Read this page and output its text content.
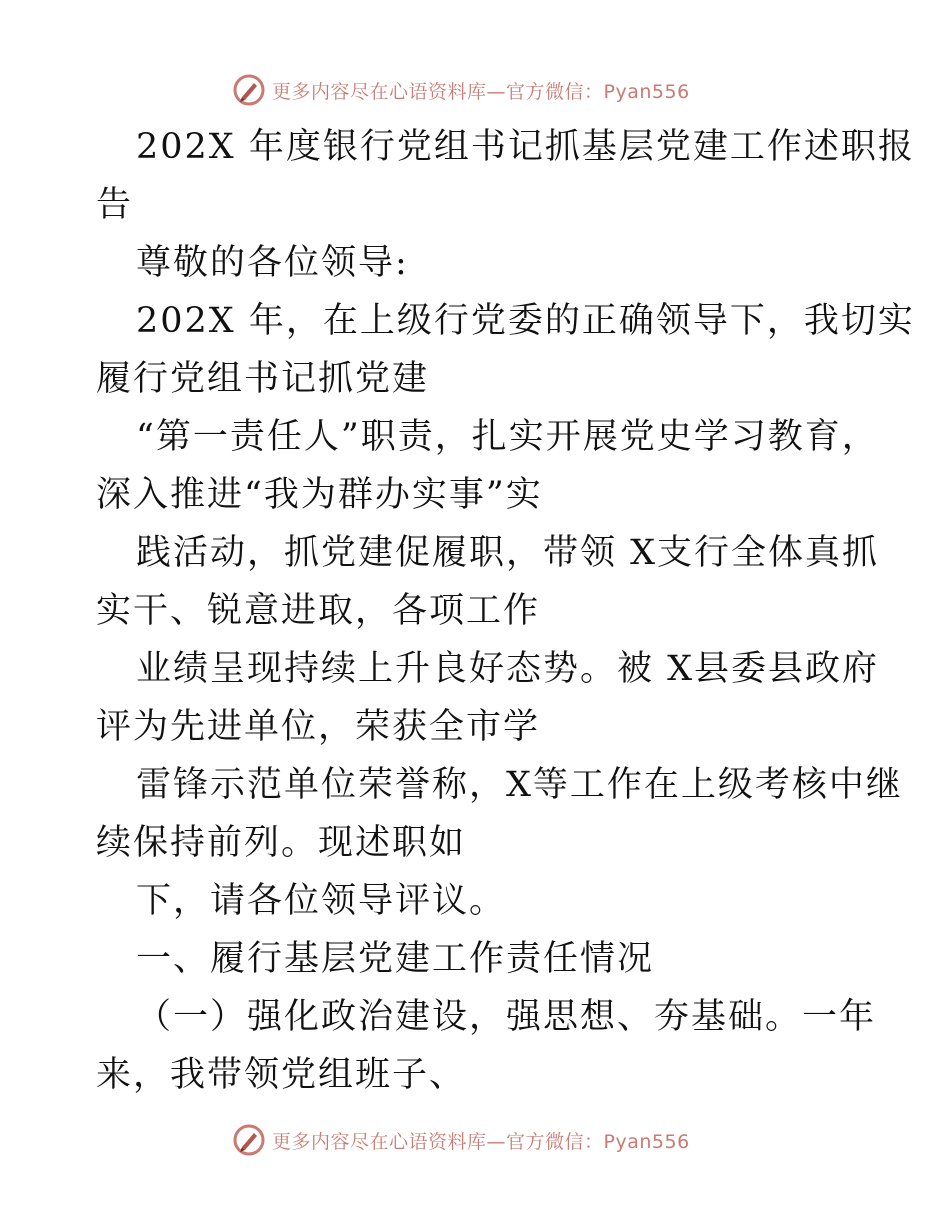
更多内容尽在心语资料库—官方微信：Pyan556
202X 年度银行党组书记抓基层党建工作述职报
告
尊敬的各位领导:
202X 年，在上级行党委的正确领导下，我切实
履行党组书记抓党建
“第一责任人”职责，扎实开展党史学习教育，
深入推进“我为群办实事”实
践活动，抓党建促履职，带领 X支行全体真抓
实干、锐意进取，各项工作
业绩呈现持续上升良好态势。被 X县委县政府
评为先进单位，荣获全市学
雷锋示范单位荣誉称，X等工作在上级考核中继
续保持前列。现述职如
下，请各位领导评议。
一、履行基层党建工作责任情况
（一）强化政治建设，强思想、夯基础。一年
来，我带领党组班子、
更多内容尽在心语资料库—官方微信：Pyan556
